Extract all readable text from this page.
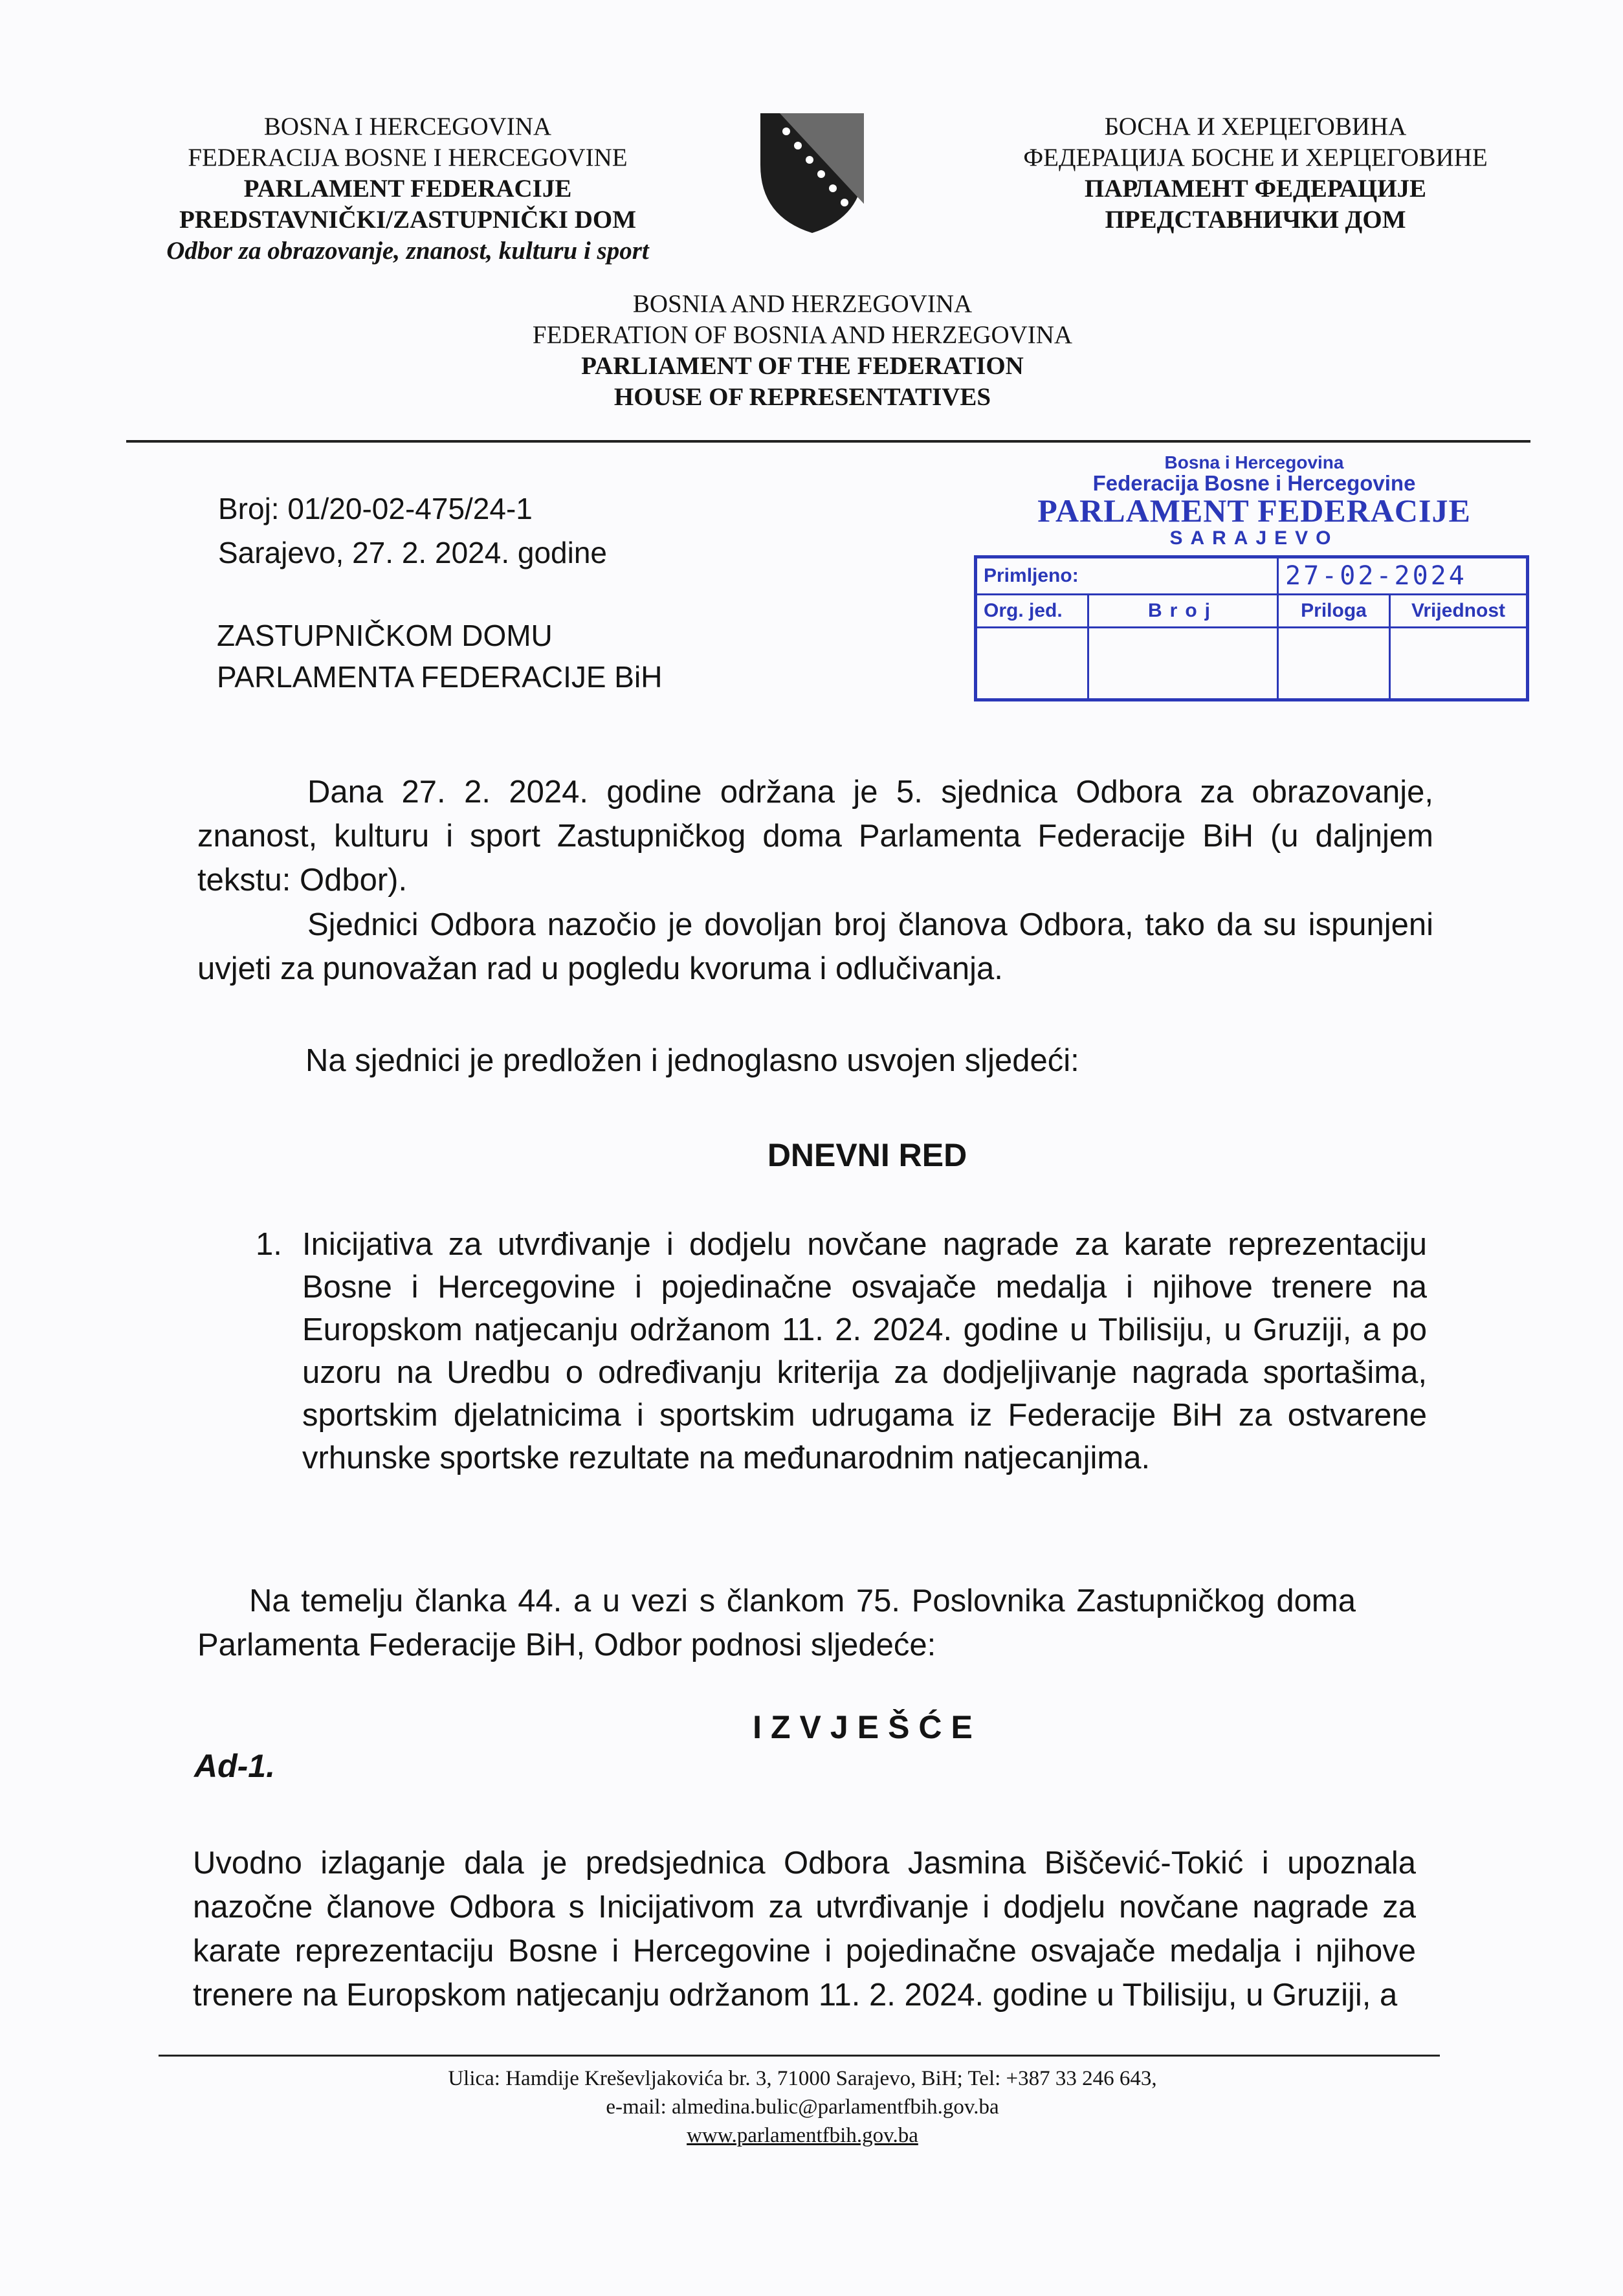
BOSNA I HERCEGOVINA
FEDERACIJA BOSNE I HERCEGOVINE
PARLAMENT FEDERACIJE
PREDSTAVNIČKI/ZASTUPNIČKI DOM
Odbor za obrazovanje, znanost, kulturu i sport
БОСНА И ХЕРЦЕГОВИНА
ФЕДЕРАЦИЈА БОСНЕ И ХЕРЦЕГОВИНЕ
ПАРЛАМЕНТ ФЕДЕРАЦИЈЕ
ПРЕДСТАВНИЧКИ ДОМ
BOSNIA AND HERZEGOVINA
FEDERATION OF BOSNIA AND HERZEGOVINA
PARLIAMENT OF THE FEDERATION
HOUSE OF REPRESENTATIVES
Broj: 01/20-02-475/24-1
Sarajevo, 27. 2. 2024. godine
Bosna i Hercegovina
Federacija Bosne i Hercegovine
PARLAMENT FEDERACIJE
SARAJEVO
Primljeno:		27-02-2024	
Org. jed.	Broj	Priloga	Vrijednost

ZASTUPNIČKOM DOMU
PARLAMENTA FEDERACIJE BiH
Dana 27. 2. 2024. godine održana je 5. sjednica Odbora za obrazovanje, znanost, kulturu i sport Zastupničkog doma Parlamenta Federacije BiH (u daljnjem tekstu: Odbor).
Sjednici Odbora nazočio je dovoljan broj članova Odbora, tako da su ispunjeni uvjeti za punovažan rad u pogledu kvoruma i odlučivanja.
Na sjednici je predložen i jednoglasno usvojen sljedeći:
DNEVNI RED
1. Inicijativa za utvrđivanje i dodjelu novčane nagrade za karate reprezentaciju Bosne i Hercegovine i pojedinačne osvajače medalja i njihove trenere na Europskom natjecanju održanom 11. 2. 2024. godine u Tbilisiju, u Gruziji, a po uzoru na Uredbu o određivanju kriterija za dodjeljivanje nagrada sportašima, sportskim djelatnicima i sportskim udrugama iz Federacije BiH za ostvarene vrhunske sportske rezultate na međunarodnim natjecanjima.
Na temelju članka 44. a u vezi s člankom 75. Poslovnika Zastupničkog doma Parlamenta Federacije BiH, Odbor podnosi sljedeće:
IZVJEŠĆE
Ad-1.
Uvodno izlaganje dala je predsjednica Odbora Jasmina Biščević-Tokić i upoznala nazočne članove Odbora s Inicijativom za utvrđivanje i dodjelu novčane nagrade za karate reprezentaciju Bosne i Hercegovine i pojedinačne osvajače medalja i njihove trenere na Europskom natjecanju održanom 11. 2. 2024. godine u Tbilisiju, u Gruziji, a
Ulica: Hamdije Kreševljakovića br. 3, 71000 Sarajevo, BiH; Tel: +387 33 246 643,
e-mail: almedina.bulic@parlamentfbih.gov.ba
www.parlamentfbih.gov.ba
